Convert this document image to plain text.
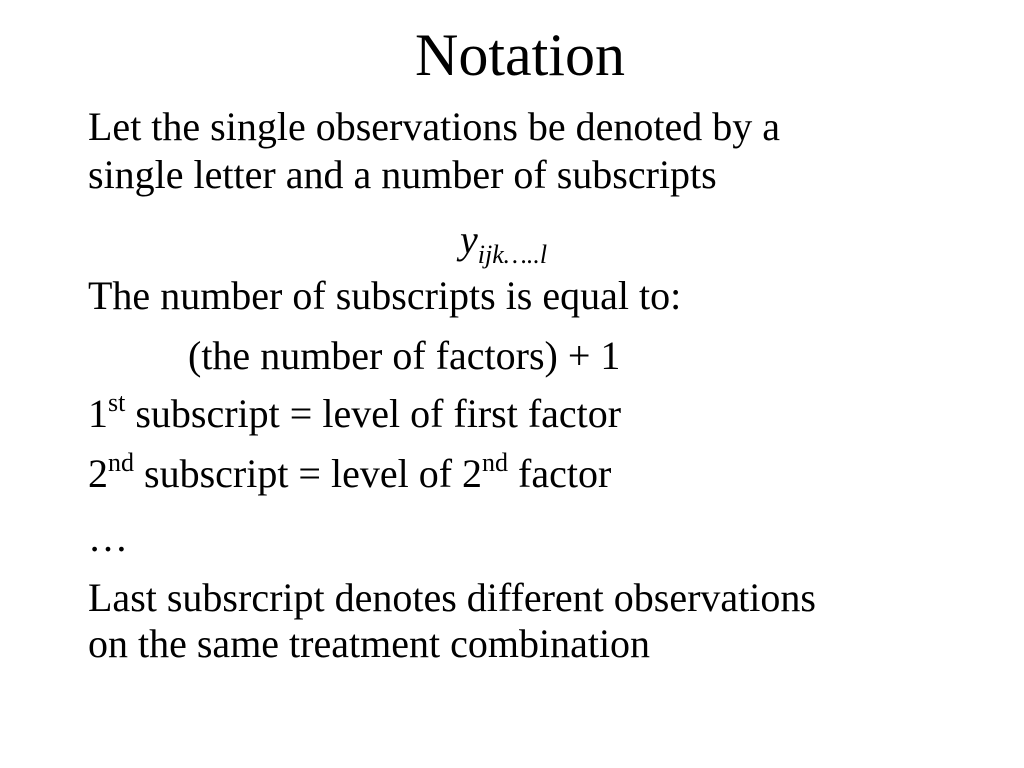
Notation
Let the single observations be denoted by a
single letter and a number of subscripts
yijk…..l
The number of subscripts is equal to:
(the number of factors) + 1
1st subscript = level of first factor
2nd subscript = level of 2nd factor
…
Last subsrcript denotes different observations
on the same treatment combination
